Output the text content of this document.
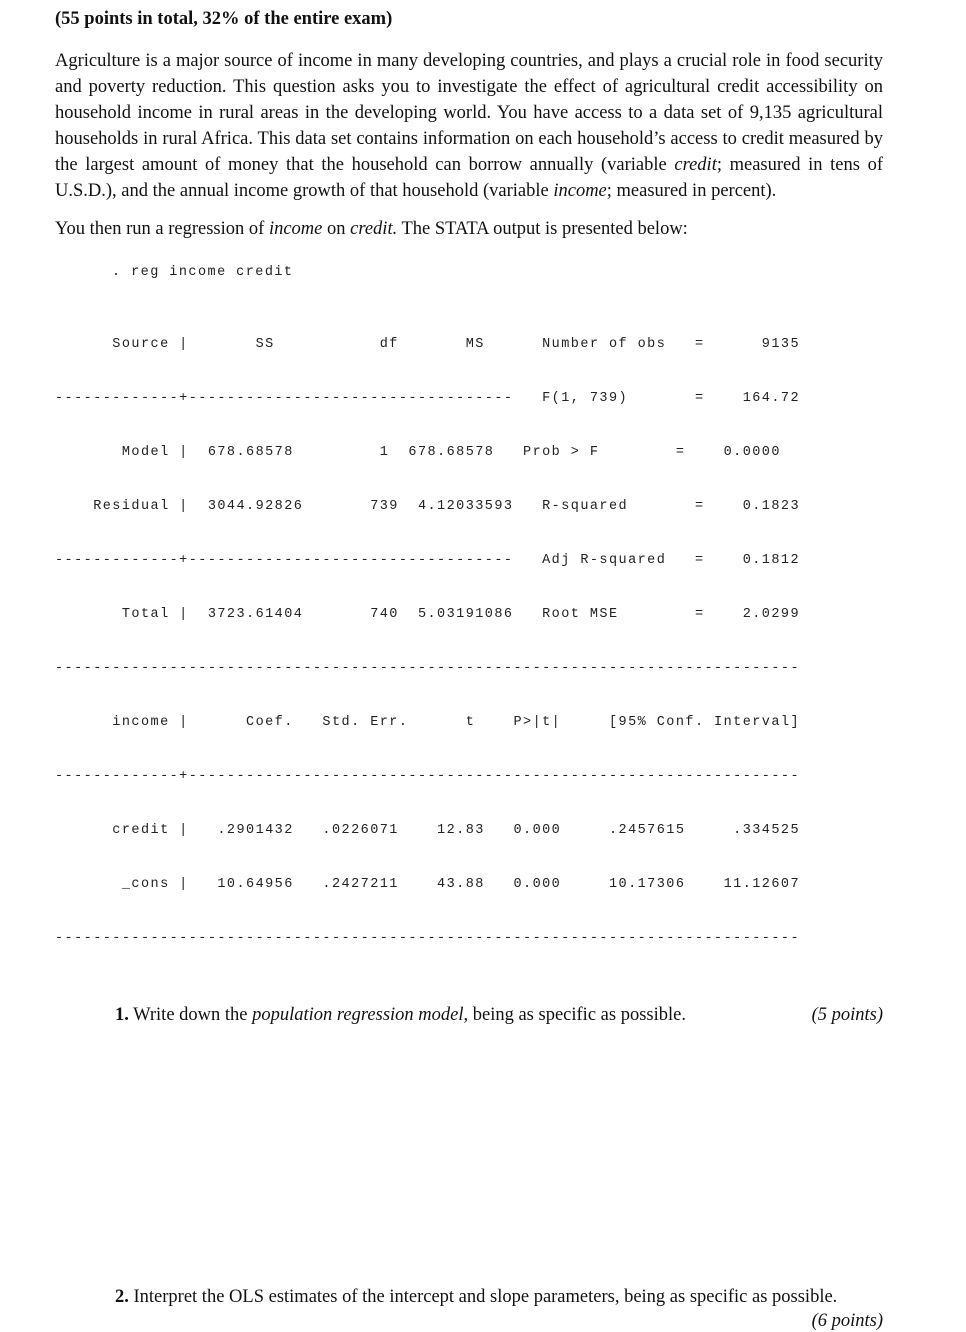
(55 points in total, 32% of the entire exam)
Agriculture is a major source of income in many developing countries, and plays a crucial role in food security and poverty reduction. This question asks you to investigate the effect of agricultural credit accessibility on household income in rural areas in the developing world. You have access to a data set of 9,135 agricultural households in rural Africa. This data set contains information on each household’s access to credit measured by the largest amount of money that the household can borrow annually (variable credit; measured in tens of U.S.D.), and the annual income growth of that household (variable income; measured in percent).
You then run a regression of income on credit. The STATA output is presented below:
. reg income credit

Source |       SS           df       MS      Number of obs   =      9135

-------------+----------------------------------   F(1, 739)       =    164.72

Model |  678.68578         1  678.68578   Prob > F        =    0.0000

Residual |  3044.92826       739  4.12033593   R-squared       =    0.1823

-------------+----------------------------------   Adj R-squared   =    0.1812

Total |  3723.61404       740  5.03191086   Root MSE        =    2.0299

------------------------------------------------------------------------------

income |      Coef.   Std. Err.      t    P>|t|     [95% Conf. Interval]

-------------+----------------------------------------------------------------

credit |   .2901432   .0226071    12.83   0.000     .2457615     .334525

_cons |   10.64956   .2427211    43.88   0.000     10.17306    11.12607

------------------------------------------------------------------------------

1. Write down the population regression model, being as specific as possible.	(5 points)
2. Interpret the OLS estimates of the intercept and slope parameters, being as specific as possible.
(6 points)
